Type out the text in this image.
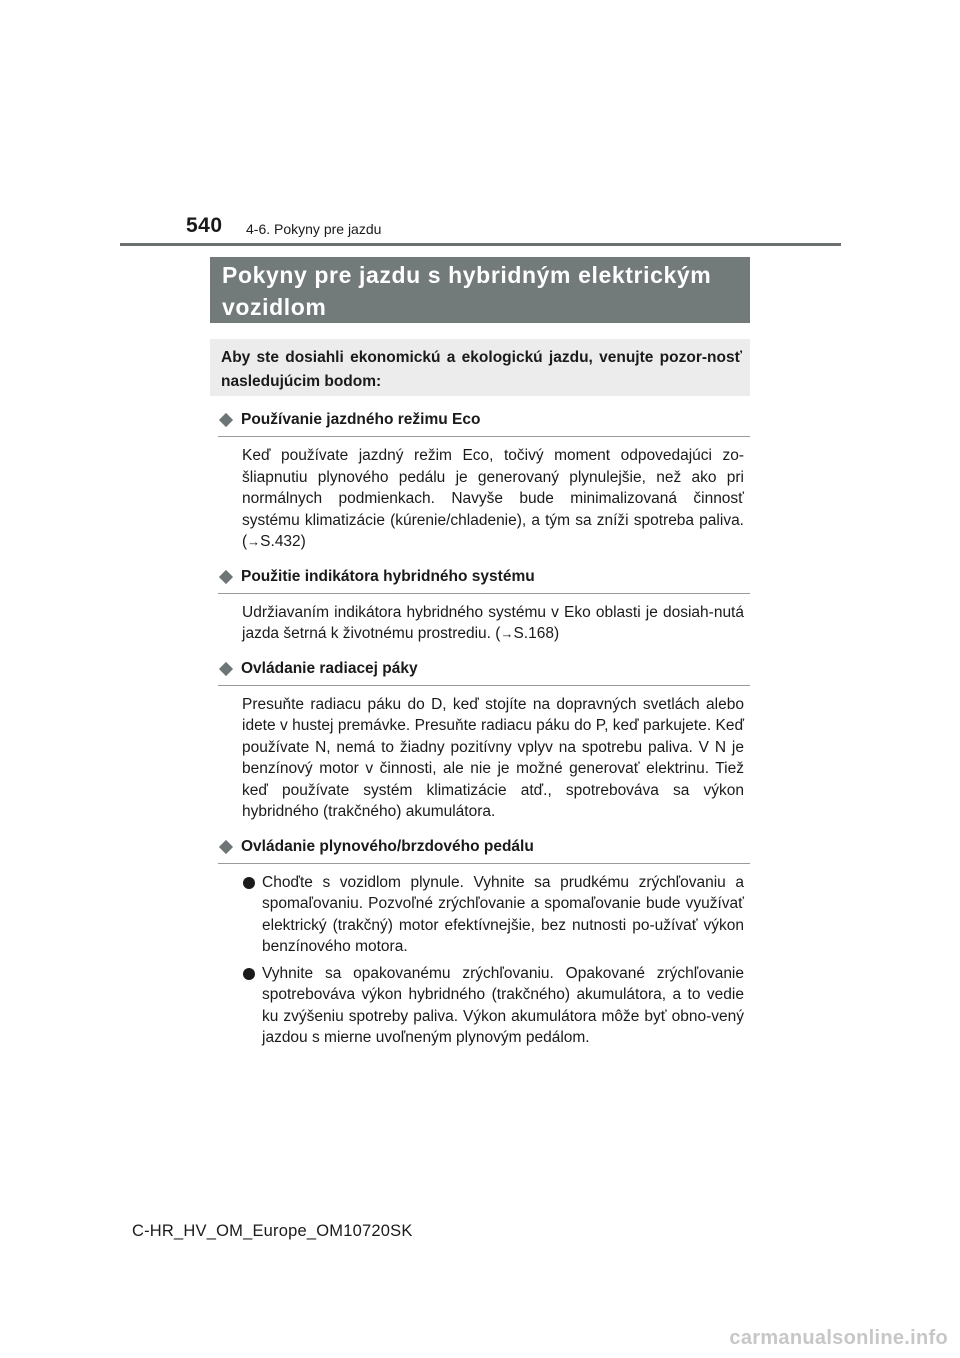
540 4-6. Pokyny pre jazdu
Pokyny pre jazdu s hybridným elektrickým
vozidlom
Aby ste dosiahli ekonomickú a ekologickú jazdu, venujte pozor-nosť nasledujúcim bodom:
Používanie jazdného režimu Eco
Keď používate jazdný režim Eco, točivý moment odpovedajúci zo-šliapnutiu plynového pedálu je generovaný plynulejšie, než ako pri normálnych podmienkach. Navyše bude minimalizovaná činnosť systému klimatizácie (kúrenie/chladenie), a tým sa zníži spotreba paliva. (→S.432)
Použitie indikátora hybridného systému
Udržiavaním indikátora hybridného systému v Eko oblasti je dosiah-nutá jazda šetrná k životnému prostrediu. (→S.168)
Ovládanie radiacej páky
Presuňte radiacu páku do D, keď stojíte na dopravných svetlách alebo idete v hustej premávke. Presuňte radiacu páku do P, keď parkujete. Keď používate N, nemá to žiadny pozitívny vplyv na spotrebu paliva. V N je benzínový motor v činnosti, ale nie je možné generovať elektrinu. Tiež keď používate systém klimatizácie atď., spotrebováva sa výkon hybridného (trakčného) akumulátora.
Ovládanie plynového/brzdového pedálu
Choďte s vozidlom plynule. Vyhnite sa prudkému zrýchľovaniu a spomaľovaniu. Pozvoľné zrýchľovanie a spomaľovanie bude využívať elektrický (trakčný) motor efektívnejšie, bez nutnosti po-užívať výkon benzínového motora.
Vyhnite sa opakovanému zrýchľovaniu. Opakované zrýchľovanie spotrebováva výkon hybridného (trakčného) akumulátora, a to vedie ku zvýšeniu spotreby paliva. Výkon akumulátora môže byť obno-vený jazdou s mierne uvoľneným plynovým pedálom.
C-HR_HV_OM_Europe_OM10720SK
carmanualsonline.info
